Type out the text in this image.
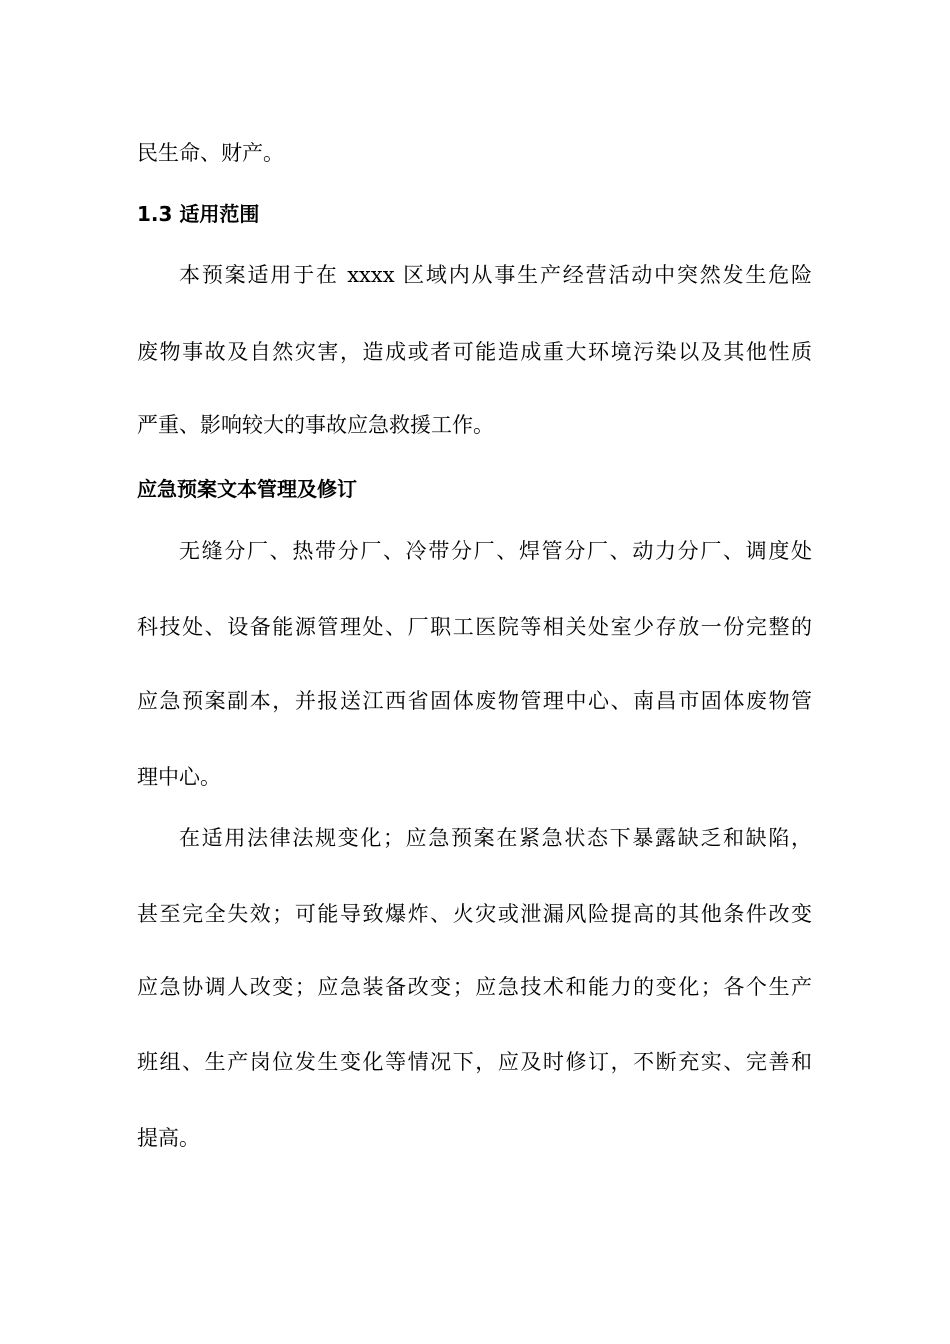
民生命、财产。

1.3 适用范围

本预案适用于在 xxxx 区域内从事生产经营活动中突然发生危险

废物事故及自然灾害，造成或者可能造成重大环境污染以及其他性质

严重、影响较大的事故应急救援工作。

应急预案文本管理及修订

无缝分厂、热带分厂、冷带分厂、焊管分厂、动力分厂、调度处

科技处、设备能源管理处、厂职工医院等相关处室少存放一份完整的

应急预案副本，并报送江西省固体废物管理中心、南昌市固体废物管

理中心。

在适用法律法规变化；应急预案在紧急状态下暴露缺乏和缺陷，

甚至完全失效；可能导致爆炸、火灾或泄漏风险提高的其他条件改变

应急协调人改变；应急装备改变；应急技术和能力的变化；各个生产

班组、生产岗位发生变化等情况下，应及时修订，不断充实、完善和

提高。
